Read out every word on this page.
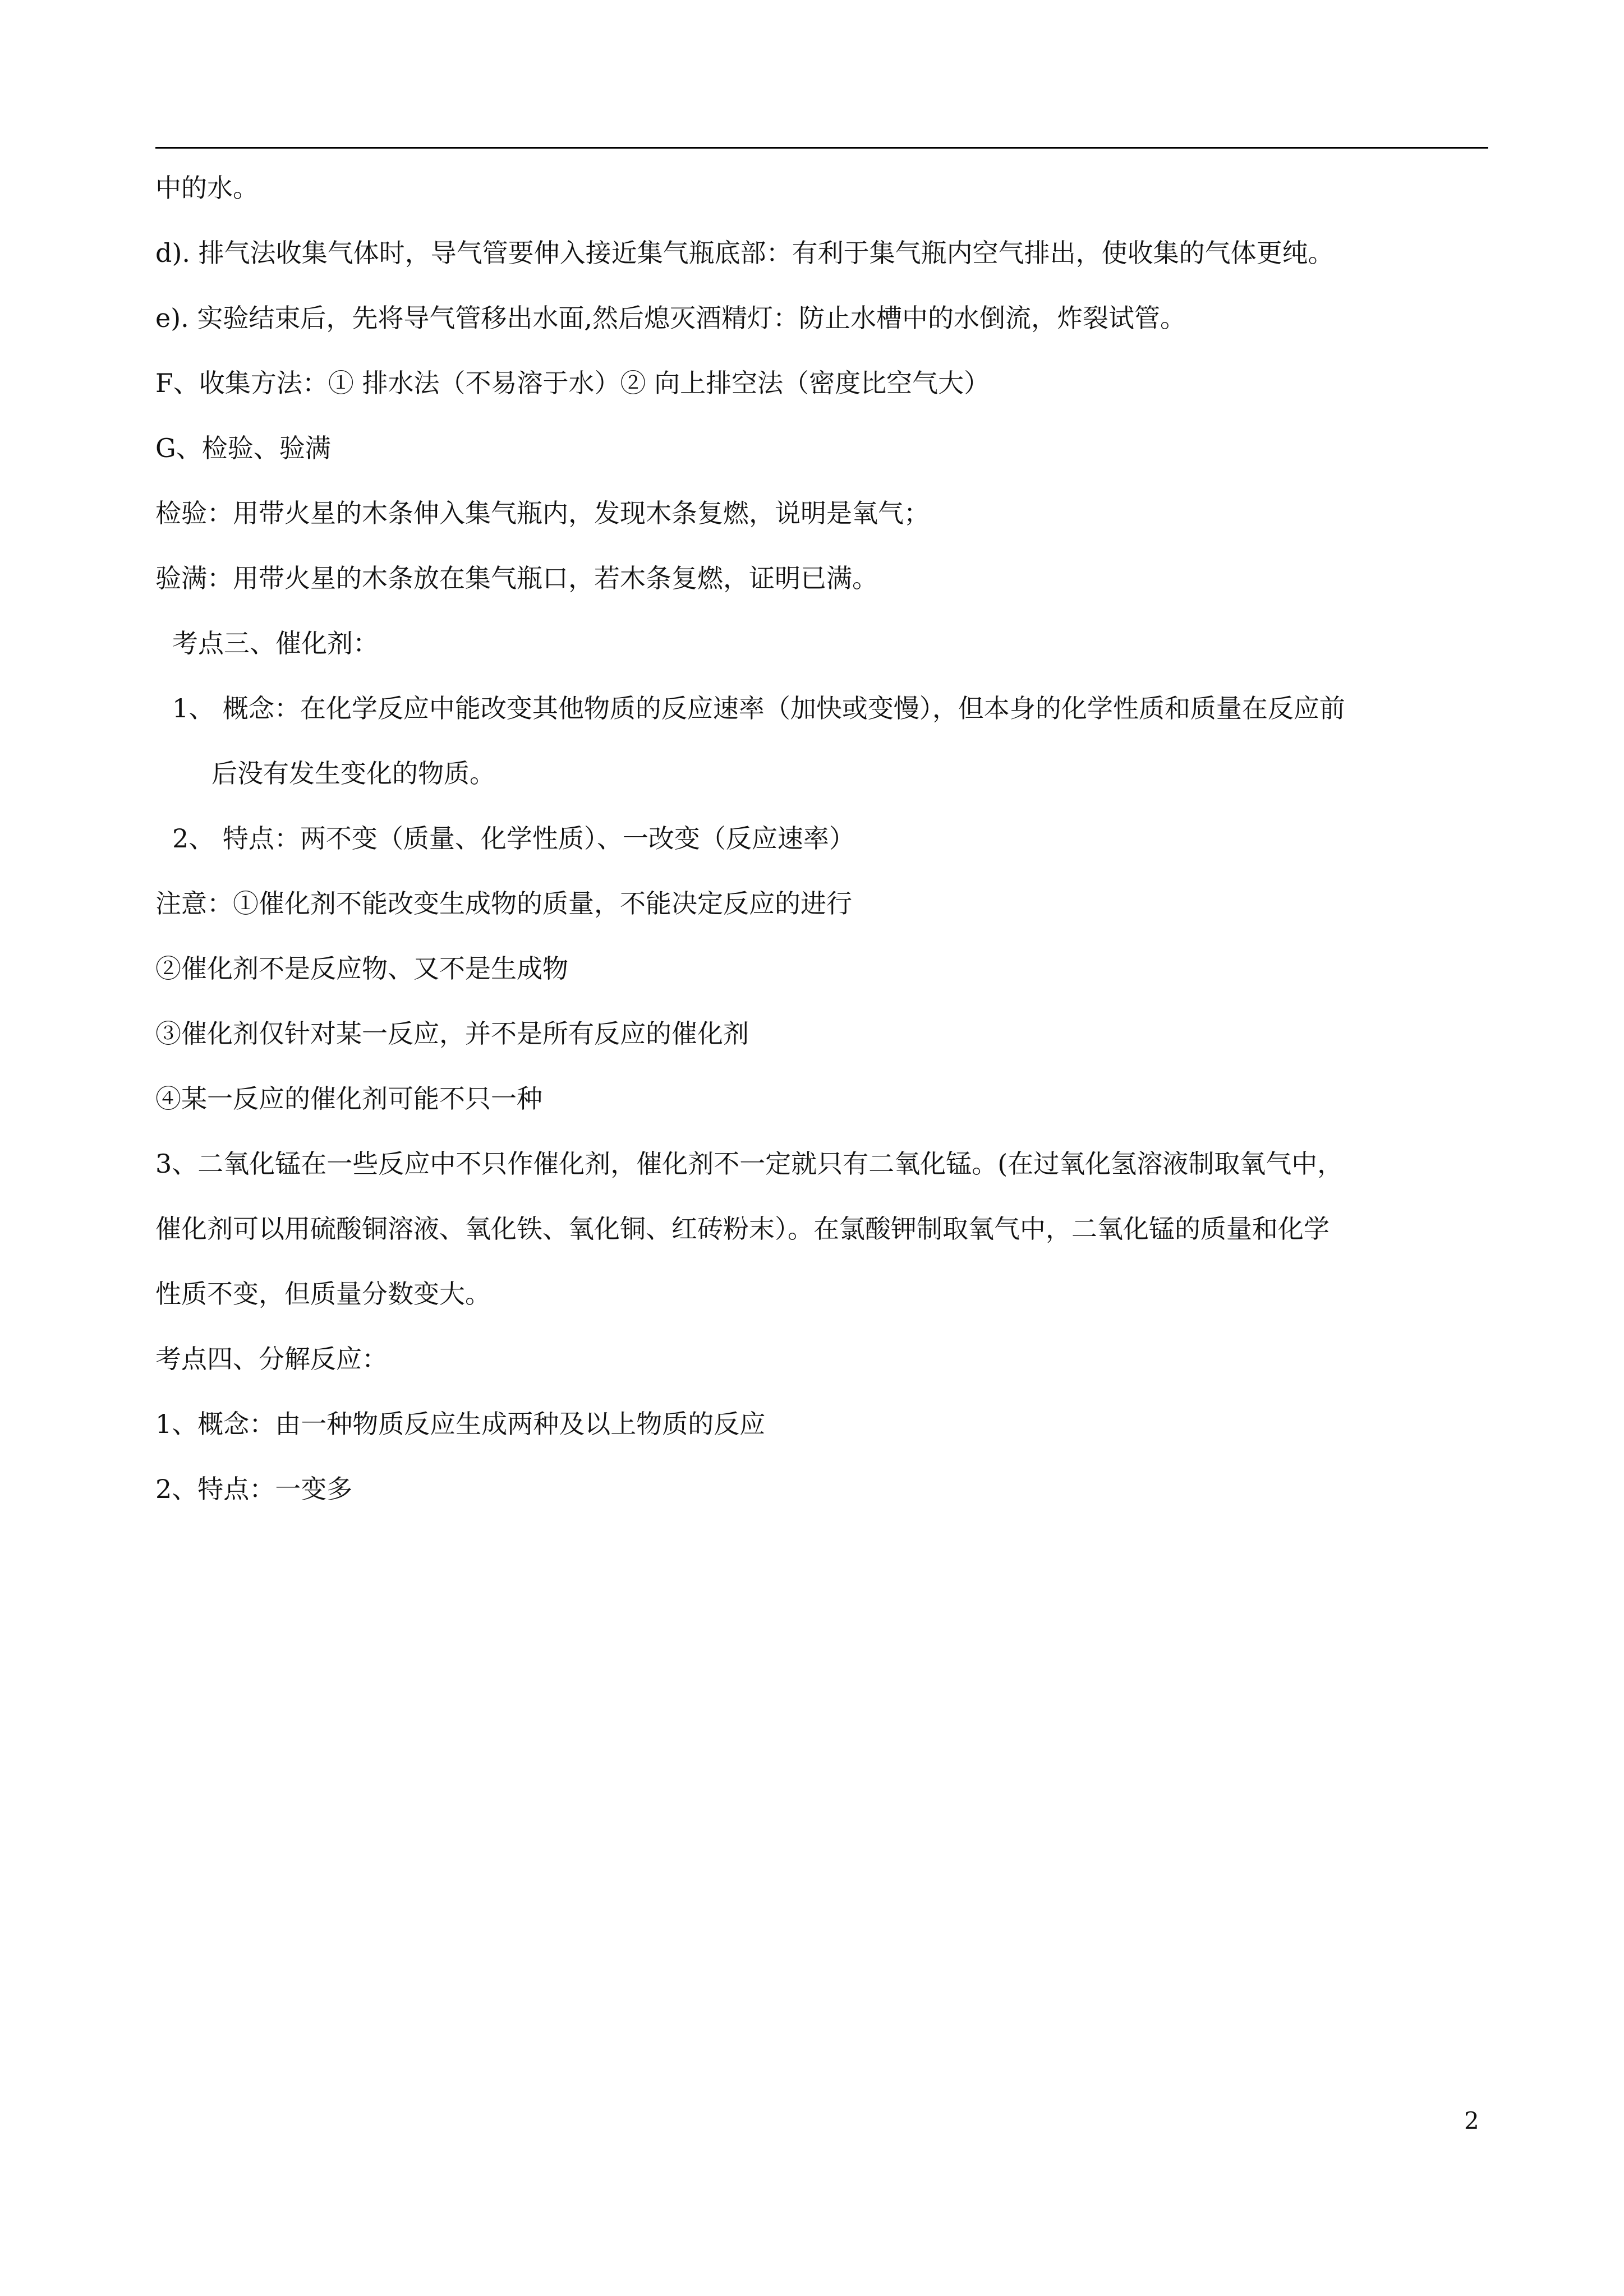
中的水。
d). 排气法收集气体时，导气管要伸入接近集气瓶底部：有利于集气瓶内空气排出，使收集的气体更纯。
e). 实验结束后，先将导气管移出水面,然后熄灭酒精灯：防止水槽中的水倒流，炸裂试管。
F、收集方法：① 排水法（不易溶于水）② 向上排空法（密度比空气大）
G、检验、验满
检验：用带火星的木条伸入集气瓶内，发现木条复燃，说明是氧气；
验满：用带火星的木条放在集气瓶口，若木条复燃，证明已满。
考点三、催化剂：
1、 概念：在化学反应中能改变其他物质的反应速率（加快或变慢），但本身的化学性质和质量在反应前
后没有发生变化的物质。
2、 特点：两不变（质量、化学性质）、一改变（反应速率）
注意：①催化剂不能改变生成物的质量，不能决定反应的进行
②催化剂不是反应物、又不是生成物
③催化剂仅针对某一反应，并不是所有反应的催化剂
④某一反应的催化剂可能不只一种
3、二氧化锰在一些反应中不只作催化剂，催化剂不一定就只有二氧化锰。(在过氧化氢溶液制取氧气中，
催化剂可以用硫酸铜溶液、氧化铁、氧化铜、红砖粉末）。在氯酸钾制取氧气中，二氧化锰的质量和化学
性质不变，但质量分数变大。
考点四、分解反应：
1、概念：由一种物质反应生成两种及以上物质的反应
2、特点：一变多
2
